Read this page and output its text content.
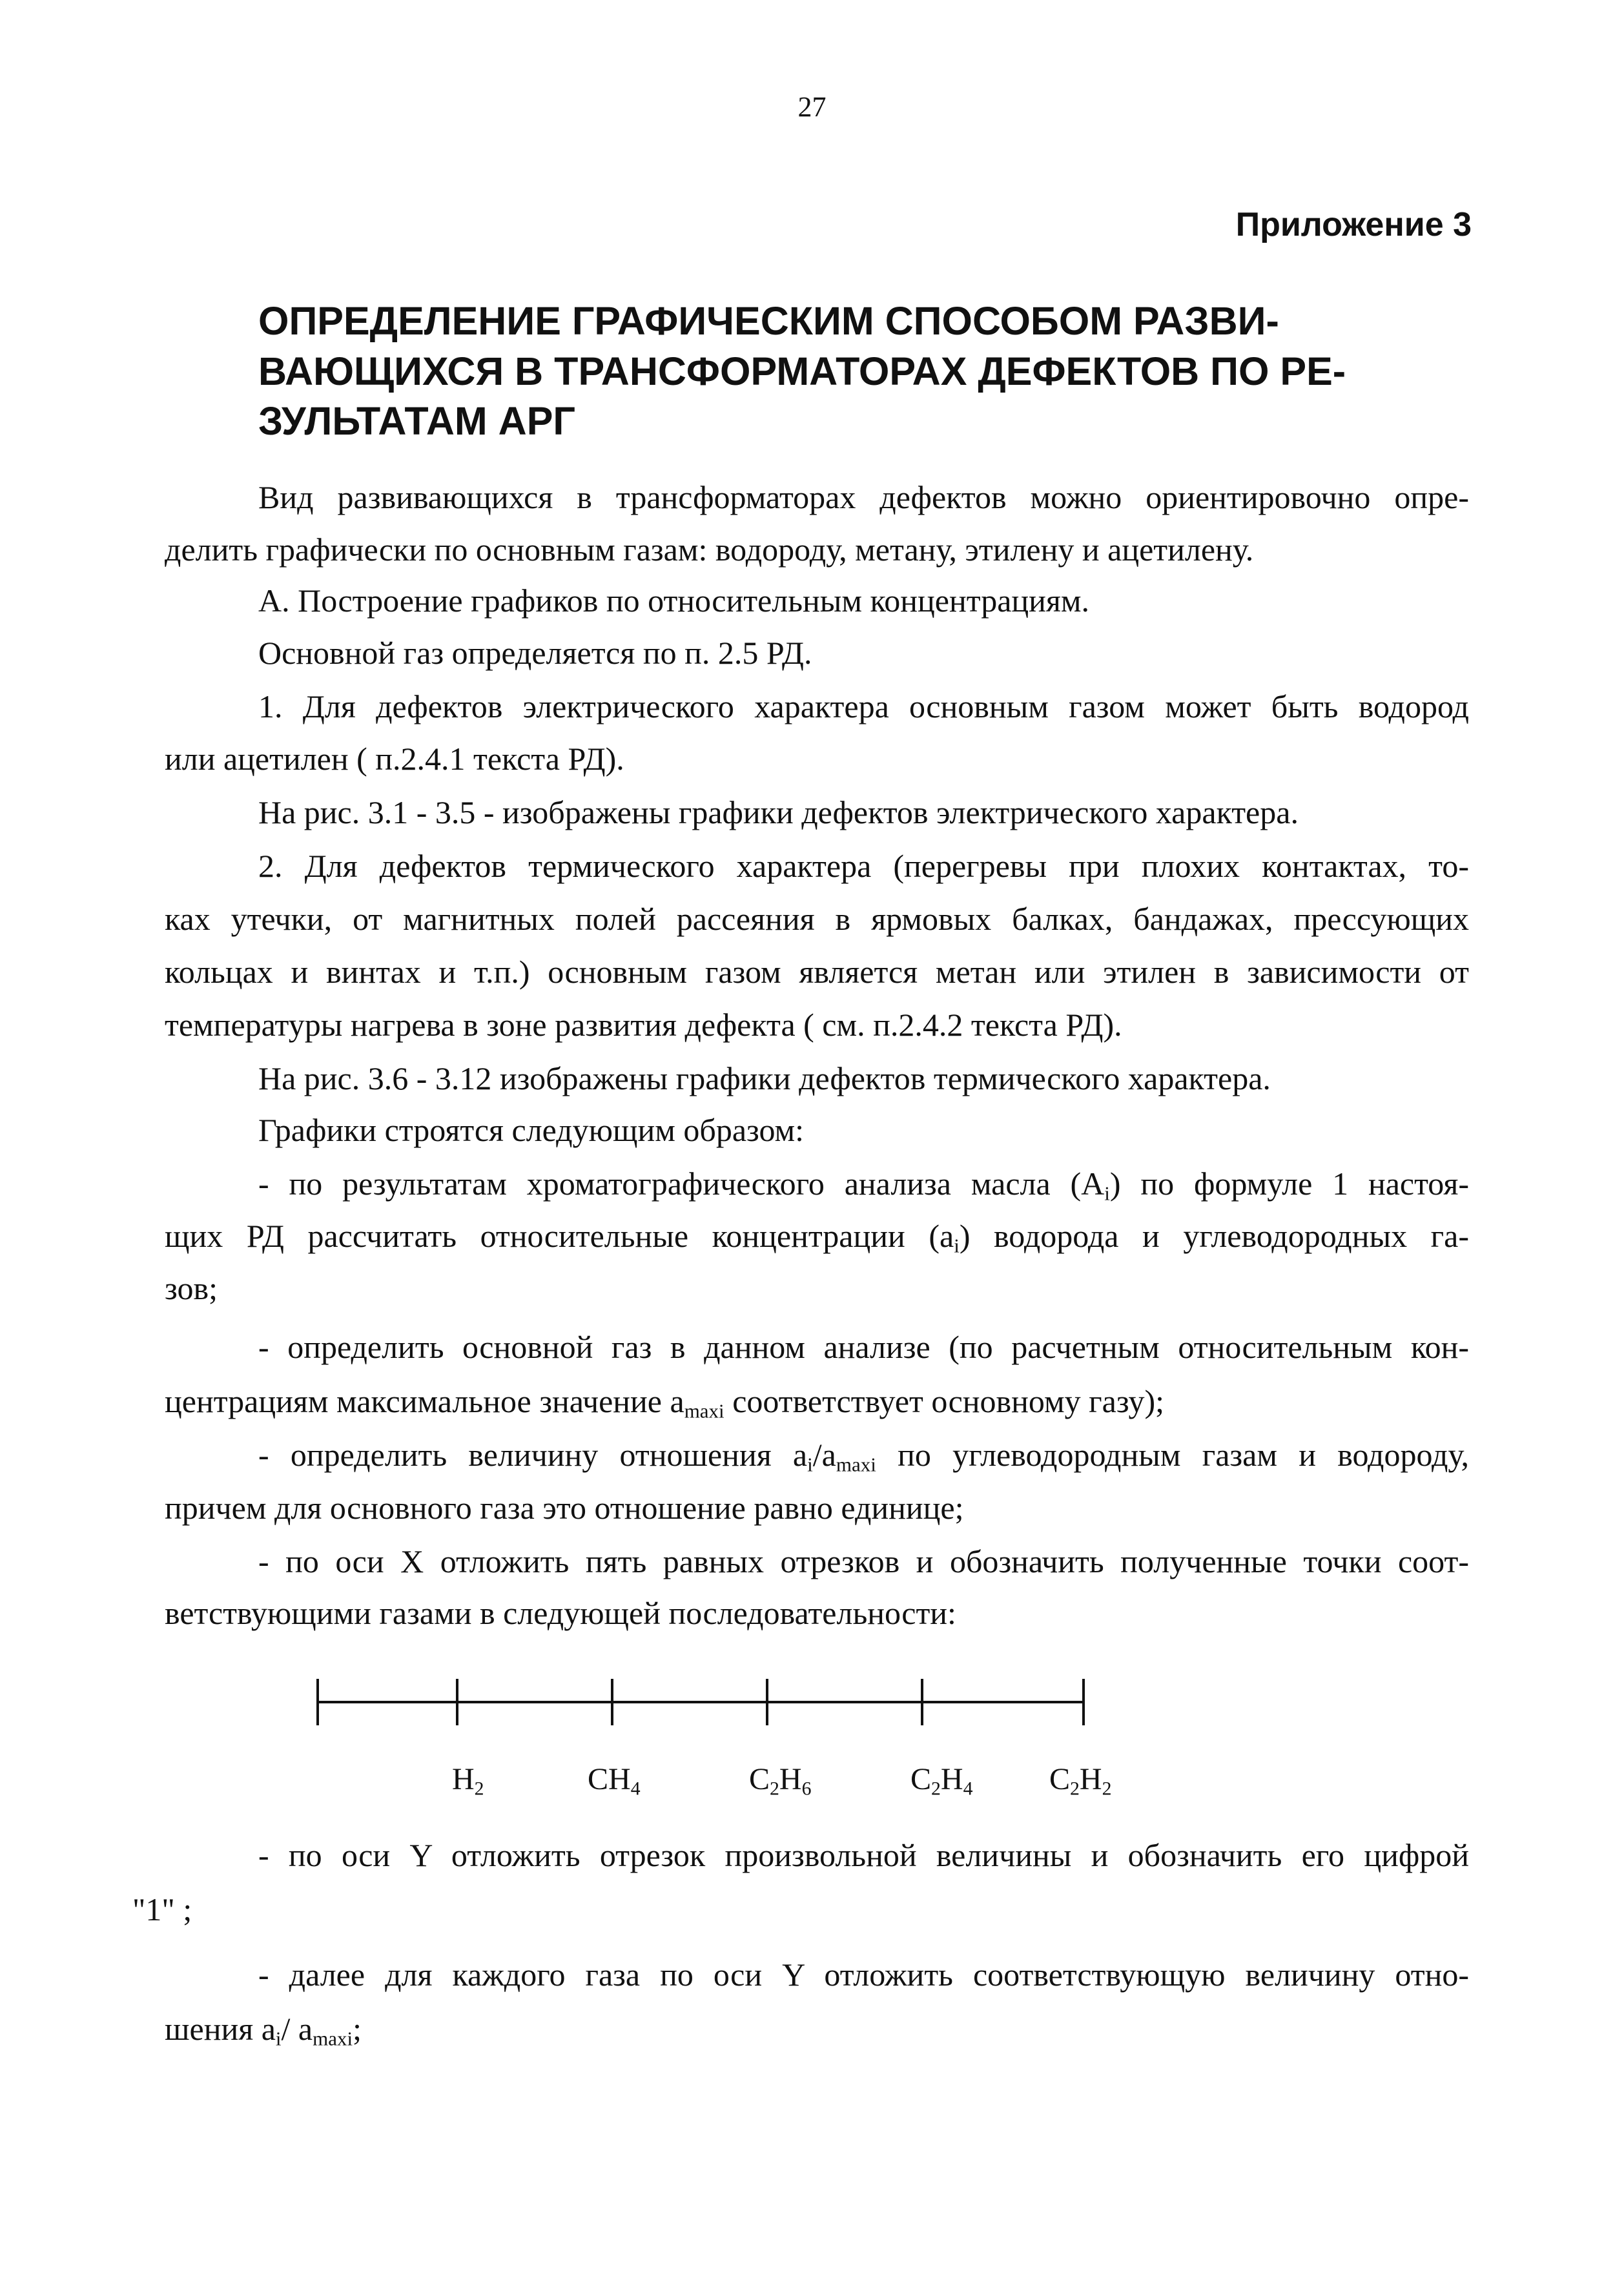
27
Приложение 3
ОПРЕДЕЛЕНИЕ ГРАФИЧЕСКИМ СПОСОБОМ РАЗВИ-
ВАЮЩИХСЯ В ТРАНСФОРМАТОРАХ ДЕФЕКТОВ ПО РЕ-
ЗУЛЬТАТАМ АРГ
Вид развивающихся в трансформаторах дефектов можно ориентировочно опре-
делить графически по основным газам: водороду, метану, этилену и ацетилену.
А. Построение графиков по относительным концентрациям.
Основной газ определяется по п. 2.5 РД.
1. Для дефектов электрического характера основным газом может быть водород
или ацетилен ( п.2.4.1 текста РД).
На рис. 3.1 - 3.5 - изображены графики дефектов электрического характера.
2. Для дефектов термического характера (перегревы при плохих контактах, то-
ках утечки, от магнитных полей рассеяния в ярмовых балках, бандажах, прессующих
кольцах и винтах и т.п.) основным газом является метан или этилен в зависимости от
температуры нагрева в зоне развития дефекта ( см. п.2.4.2 текста РД).
На рис. 3.6 - 3.12 изображены графики дефектов термического характера.
Графики строятся следующим образом:
- по результатам хроматографического анализа масла $(A_i)$ по формуле 1 настоя-
щих РД рассчитать относительные концентрации $(a_i)$ водорода и углеводородных га-
зов;
- определить основной газ в данном анализе (по расчетным относительным кон-
центрациям максимальное значение $a_{maxi}$ соответствует основному газу);
- определить величину отношения $a_i/a_{maxi}$ по углеводородным газам и водороду,
причем для основного газа это отношение равно единице;
- по оси X отложить пять равных отрезков и обозначить полученные точки соот-
ветствующими газами в следующей последовательности:
$H_2$	$CH_4$	$C_2H_6$	$C_2H_4$ $C_2H_2$
- по оси Y отложить отрезок произвольной величины и обозначить его цифрой
"1" ;
- далее для каждого газа по оси Y отложить соответствующую величину отно-
шения $a_i/$ $a_{maxi}$;
